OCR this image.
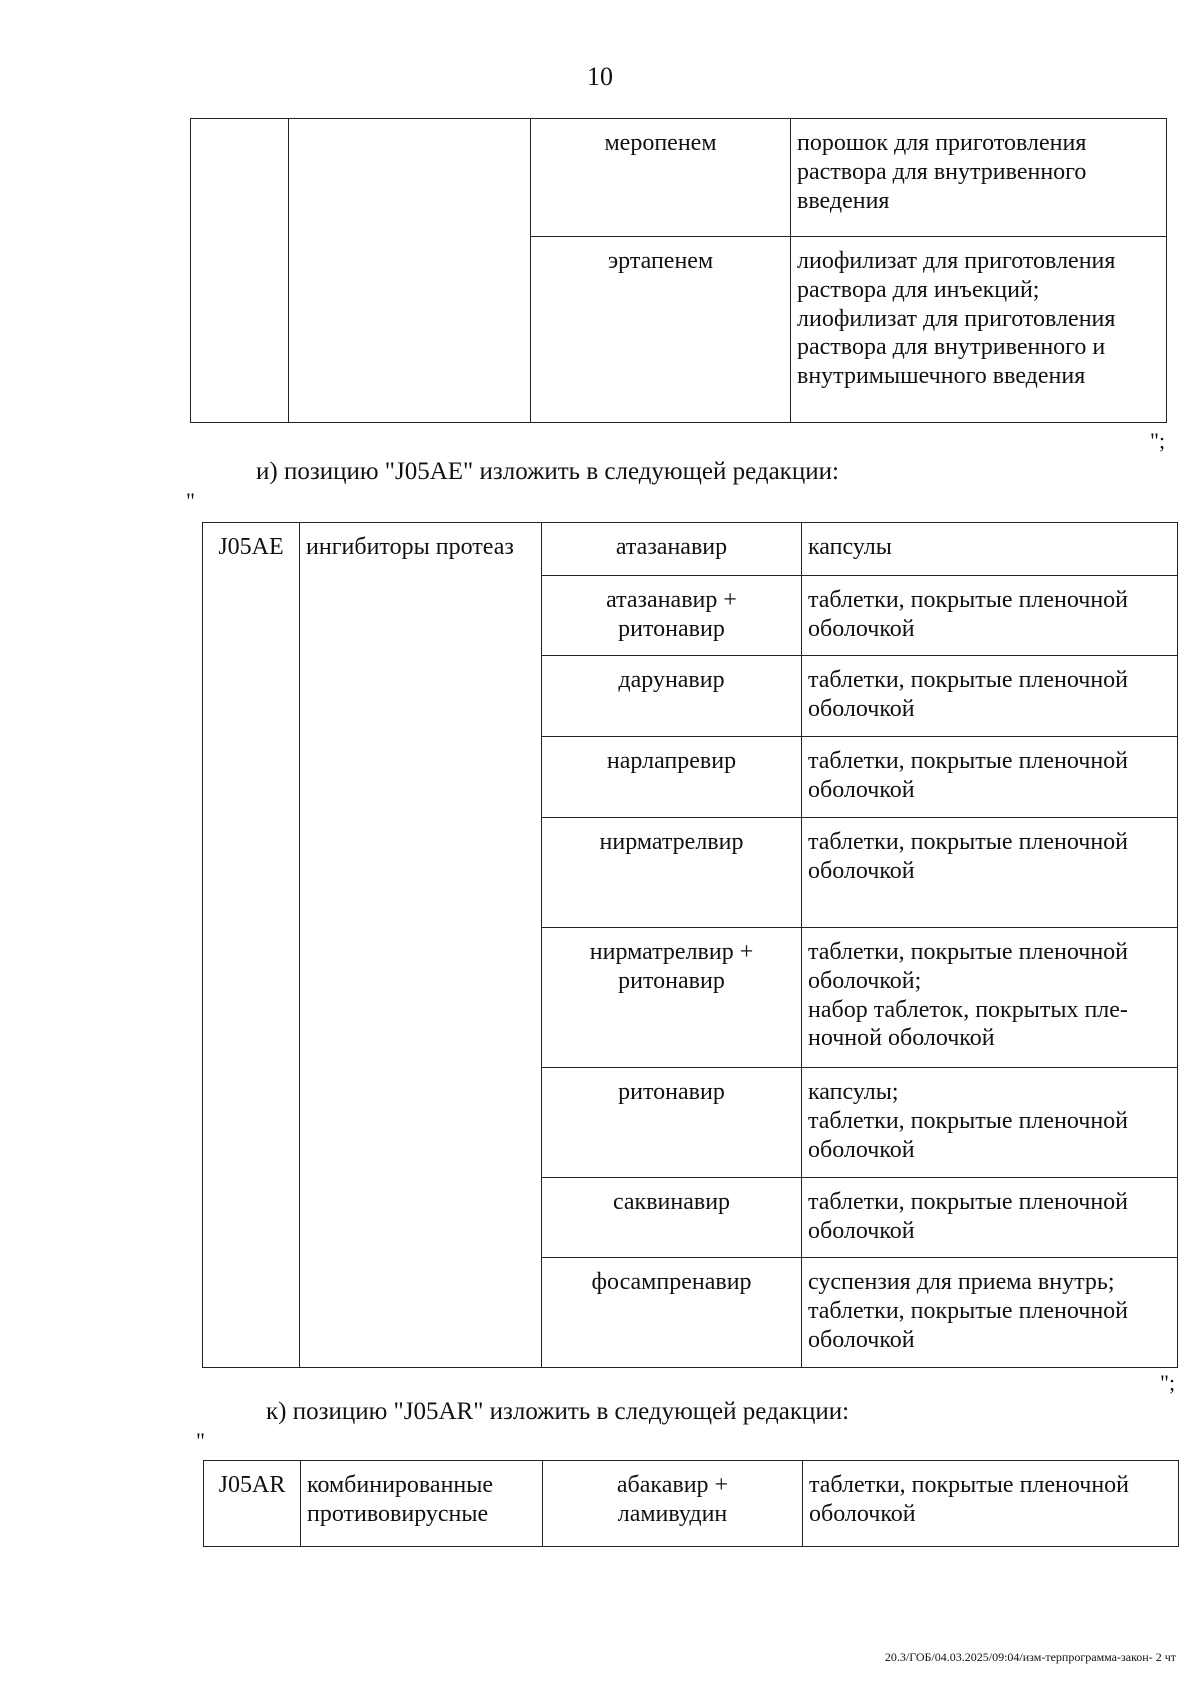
10
		меропенем	порошок для приготовления
раствора для внутривенного
введения
		эртапенем	лиофилизат для приготовления
раствора для инъекций;
лиофилизат для приготовления
раствора для внутривенного и
внутримышечного введения
";
и) позицию "J05AE" изложить в следующей редакции:
"
J05AE	ингибиторы протеаз	атазанавир	капсулы
		атазанавир +
ритонавир	таблетки, покрытые пленочной
оболочкой
		дарунавир	таблетки, покрытые пленочной
оболочкой
		нарлапревир	таблетки, покрытые пленочной
оболочкой
		нирматрелвир	таблетки, покрытые пленочной
оболочкой
		нирматрелвир +
ритонавир	таблетки, покрытые пленочной
оболочкой;
набор таблеток, покрытых пле-
ночной оболочкой
		ритонавир	капсулы;
таблетки, покрытые пленочной
оболочкой
		саквинавир	таблетки, покрытые пленочной
оболочкой
		фосампренавир	суспензия для приема внутрь;
таблетки, покрытые пленочной
оболочкой
";
к) позицию "J05AR" изложить в следующей редакции:
"
J05AR	комбинированные
противовирусные	абакавир +
ламивудин	таблетки, покрытые пленочной
оболочкой
20.3/ГОБ/04.03.2025/09:04/изм-терпрограмма-закон- 2 чт
